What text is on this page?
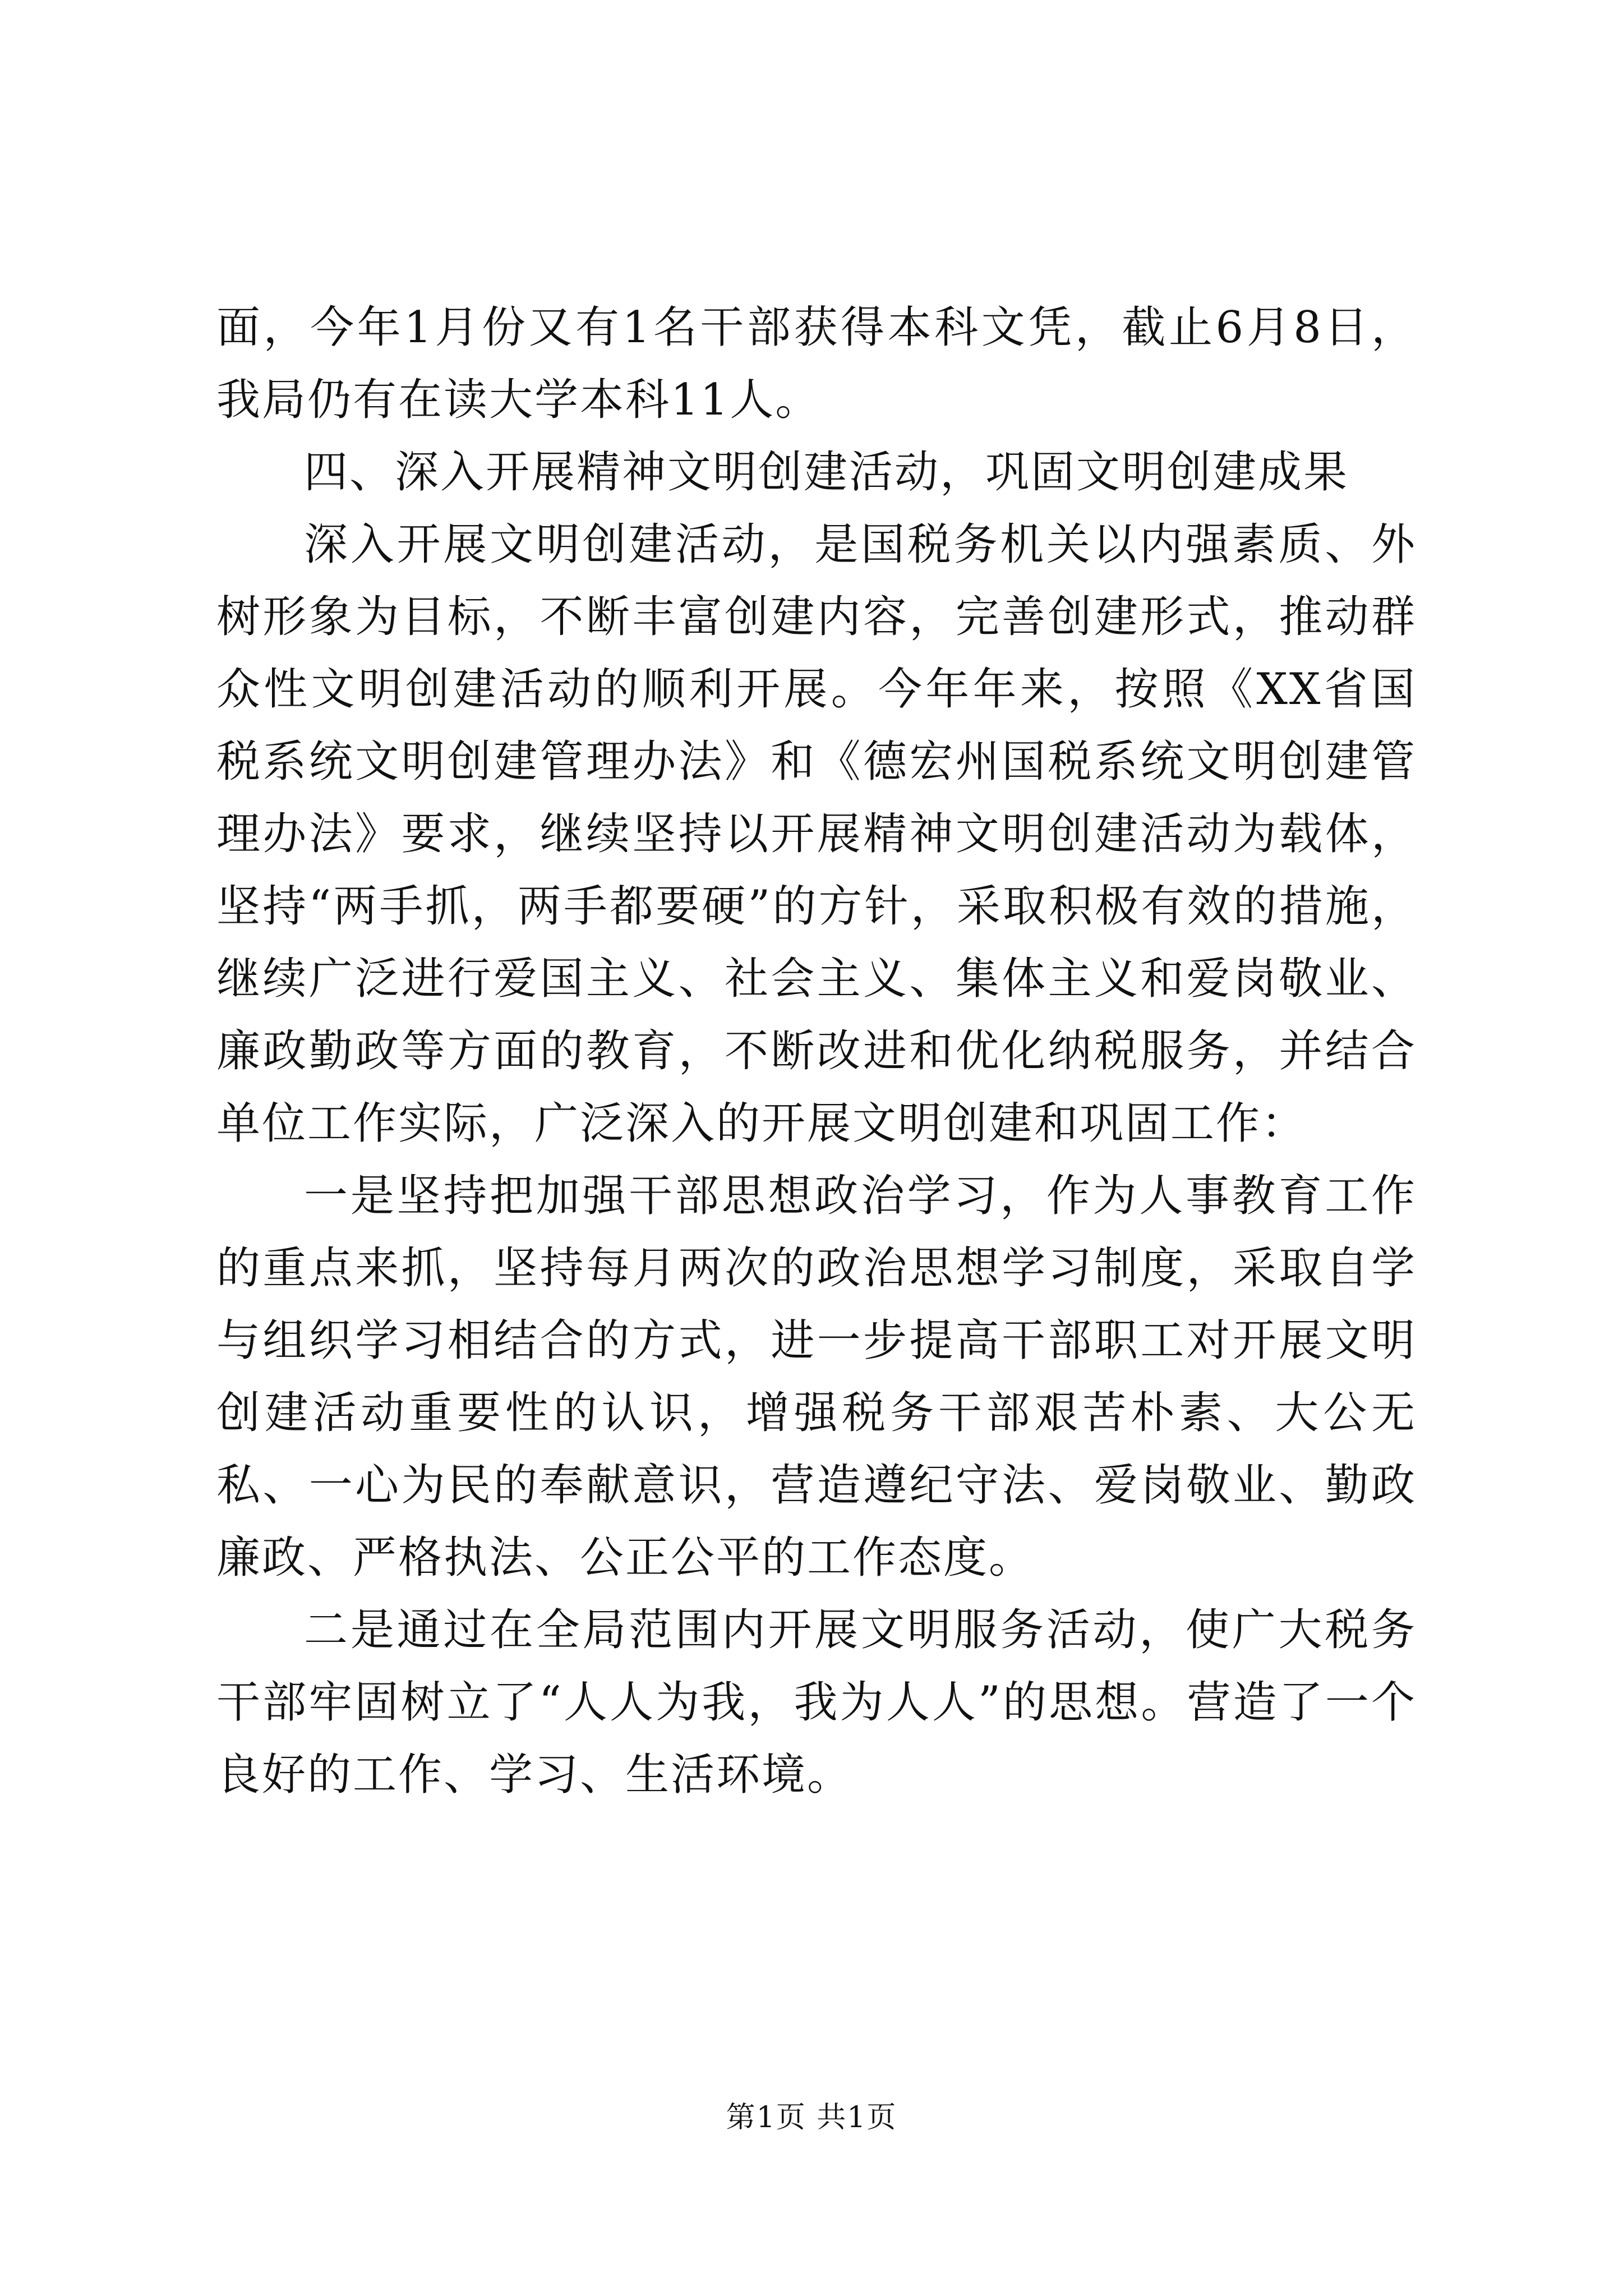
面，今年1月份又有1名干部获得本科文凭，截止6月8日，我局仍有在读大学本科11人。

四、深入开展精神文明创建活动，巩固文明创建成果

深入开展文明创建活动，是国税务机关以内强素质、外树形象为目标，不断丰富创建内容，完善创建形式，推动群众性文明创建活动的顺利开展。今年年来，按照《XX省国税系统文明创建管理办法》和《德宏州国税系统文明创建管理办法》要求，继续坚持以开展精神文明创建活动为载体，坚持“两手抓，两手都要硬”的方针，采取积极有效的措施，继续广泛进行爱国主义、社会主义、集体主义和爱岗敬业、廉政勤政等方面的教育，不断改进和优化纳税服务，并结合单位工作实际，广泛深入的开展文明创建和巩固工作：

一是坚持把加强干部思想政治学习，作为人事教育工作的重点来抓，坚持每月两次的政治思想学习制度，采取自学与组织学习相结合的方式，进一步提高干部职工对开展文明创建活动重要性的认识，增强税务干部艰苦朴素、大公无私、一心为民的奉献意识，营造遵纪守法、爱岗敬业、勤政廉政、严格执法、公正公平的工作态度。

二是通过在全局范围内开展文明服务活动，使广大税务干部牢固树立了“人人为我，我为人人”的思想。营造了一个良好的工作、学习、生活环境。

第1页 共1页
